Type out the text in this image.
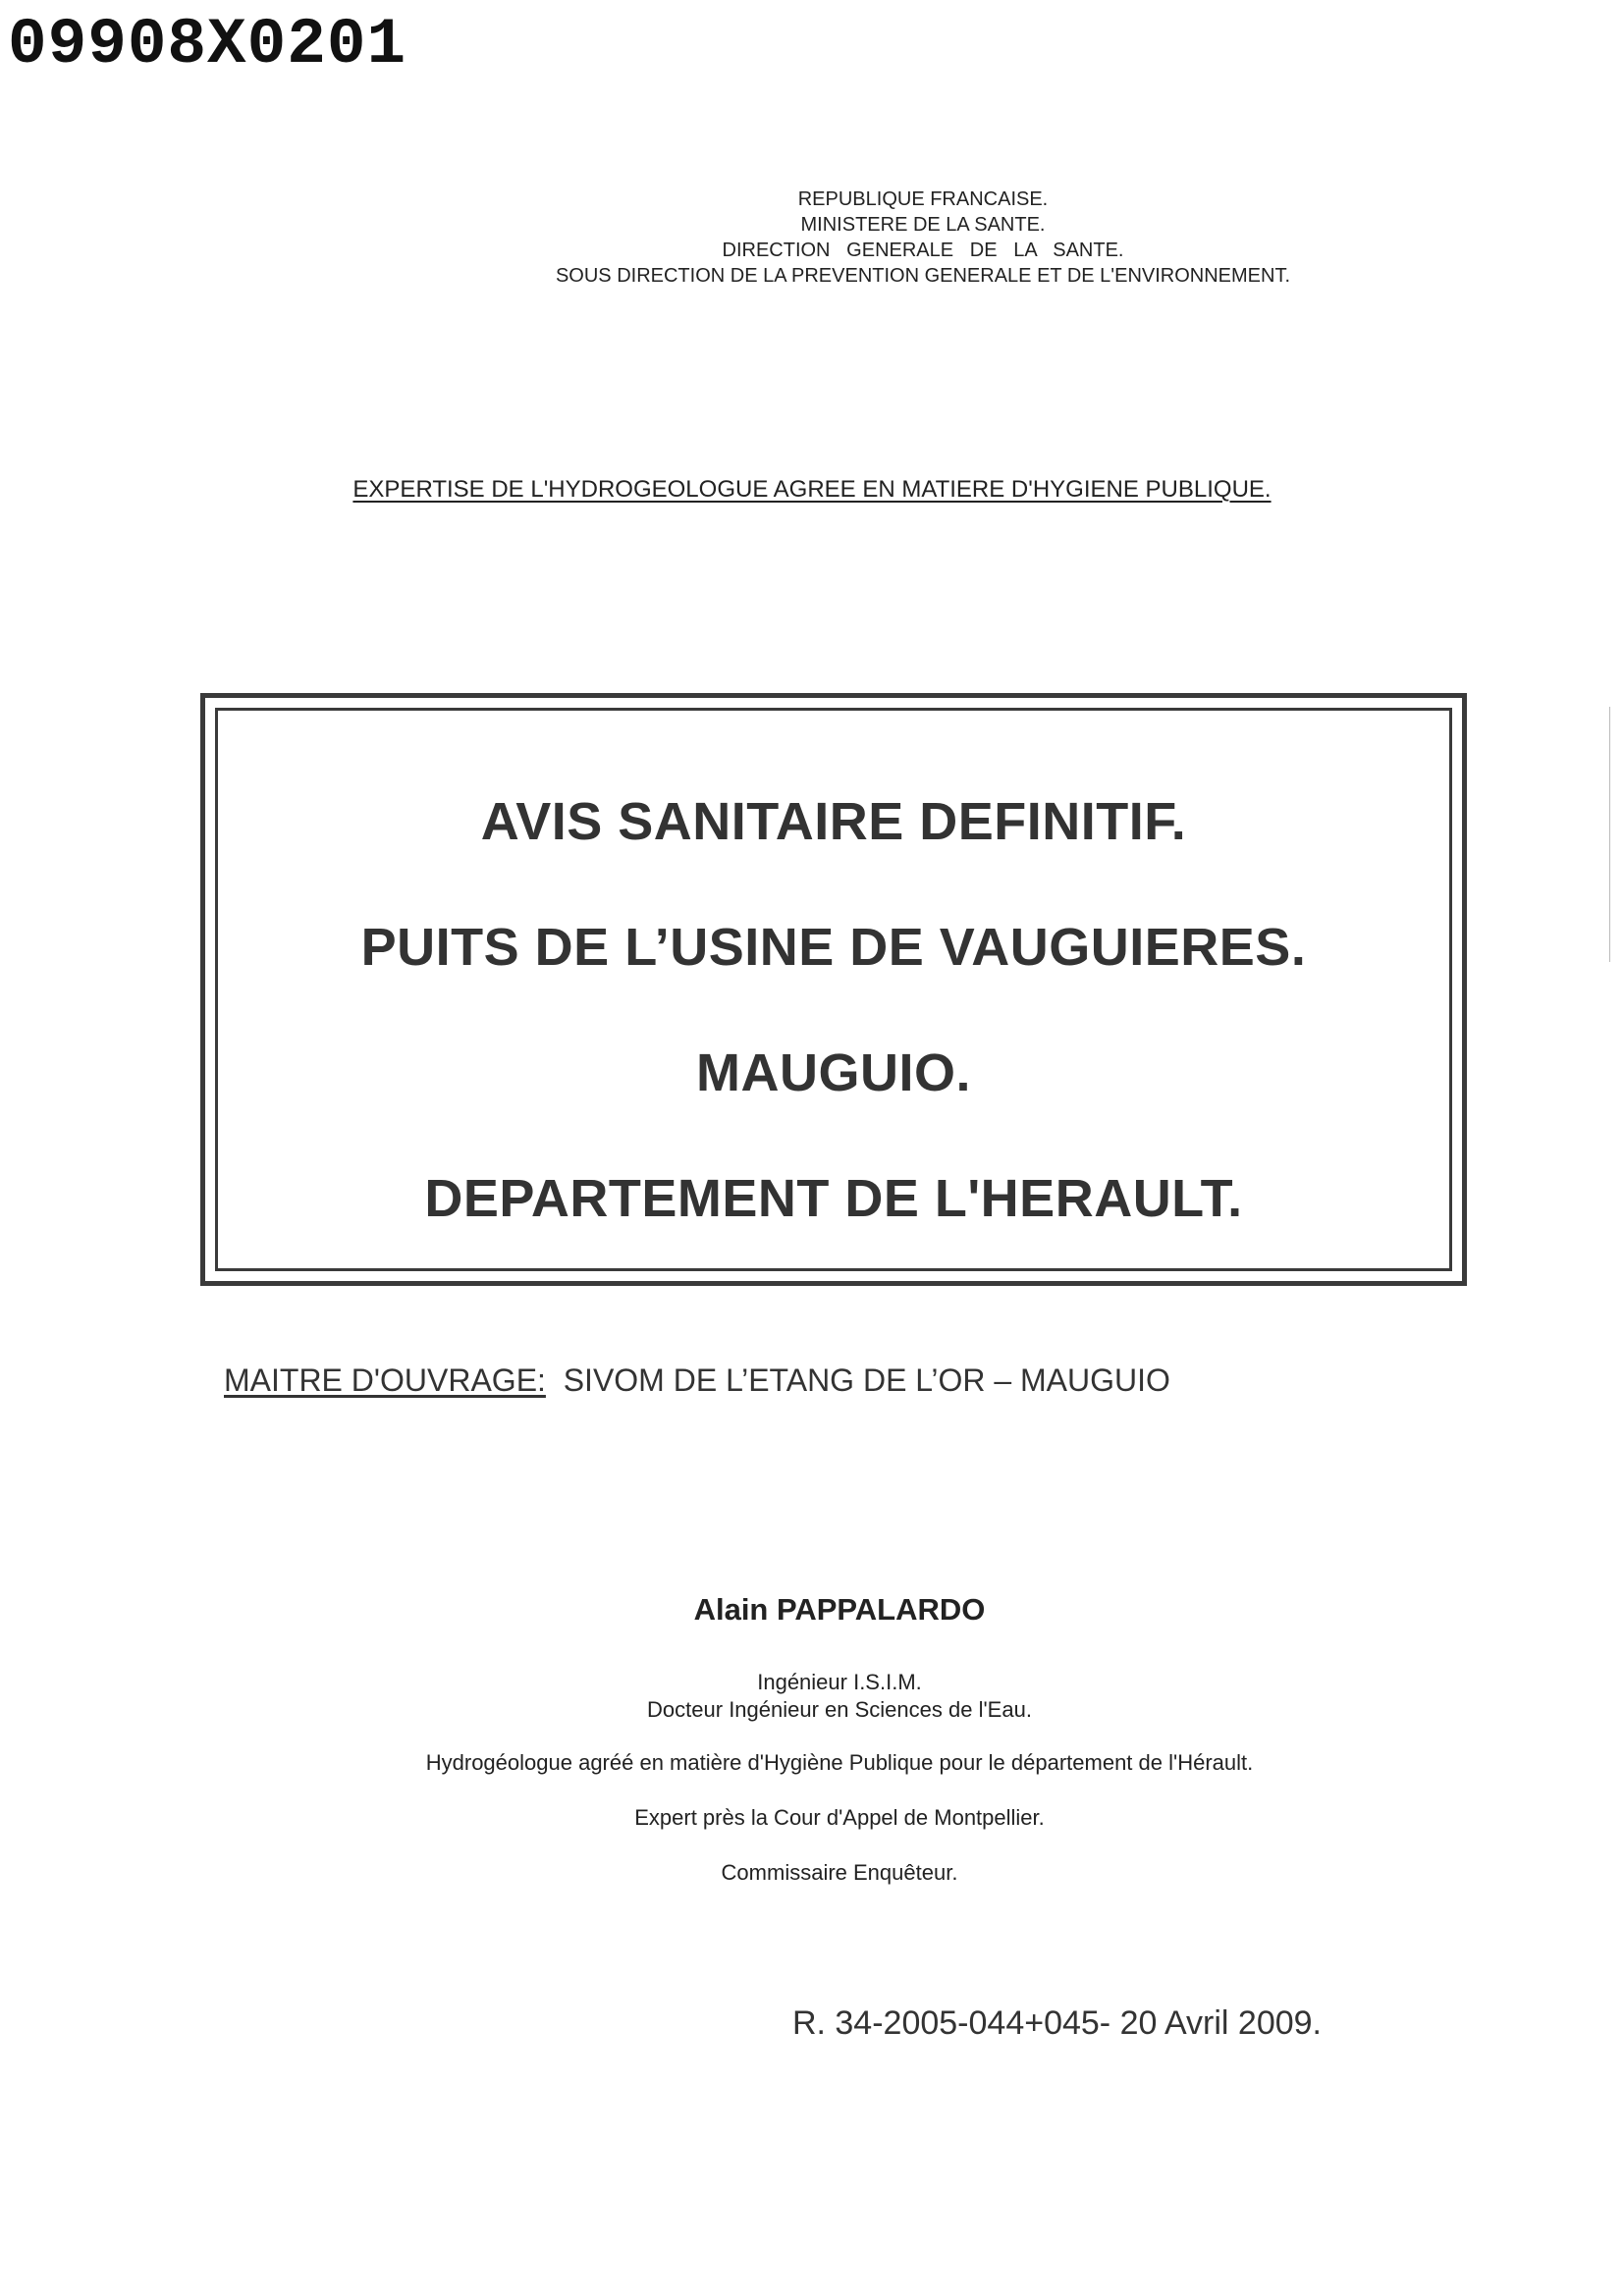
09908X0201
REPUBLIQUE FRANCAISE.
MINISTERE DE LA SANTE.
DIRECTION   GENERALE   DE   LA   SANTE.
SOUS DIRECTION DE LA PREVENTION GENERALE ET DE L'ENVIRONNEMENT.
EXPERTISE DE L'HYDROGEOLOGUE AGREE EN MATIERE D'HYGIENE PUBLIQUE.
AVIS SANITAIRE DEFINITIF.
PUITS DE L’USINE DE VAUGUIERES.
MAUGUIO.
DEPARTEMENT DE L'HERAULT.
MAITRE D'OUVRAGE: SIVOM DE L’ETANG DE L’OR – MAUGUIO
Alain PAPPALARDO
Ingénieur I.S.I.M.
Docteur Ingénieur en Sciences de l'Eau.
Hydrogéologue agréé en matière d'Hygiène Publique pour le département de l'Hérault.
Expert près la Cour d'Appel de Montpellier.
Commissaire Enquêteur.
R. 34-2005-044+045- 20 Avril 2009.
